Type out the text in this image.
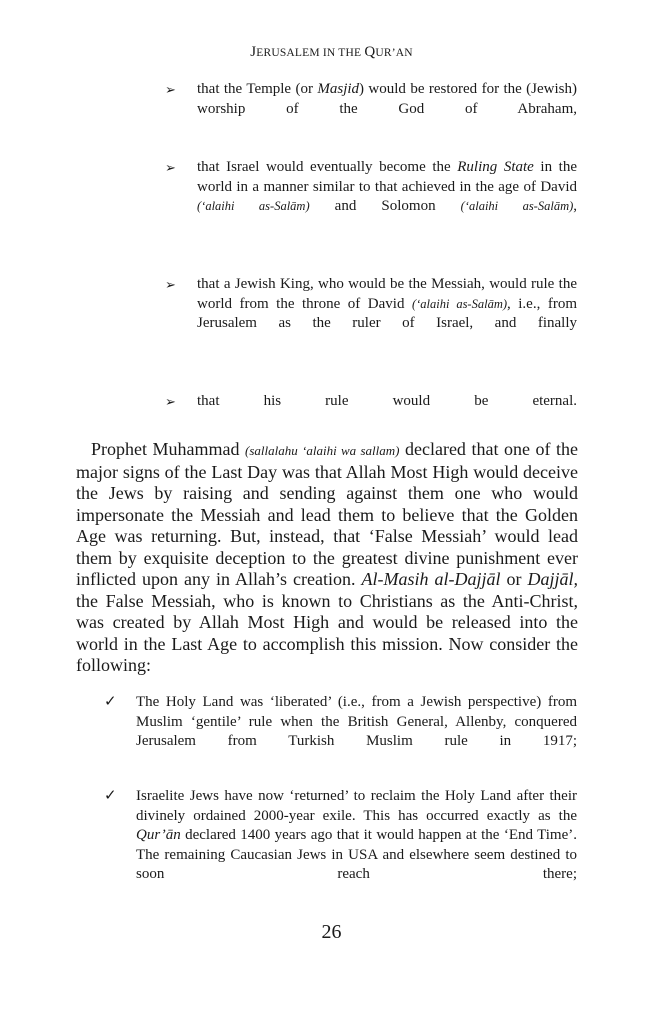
JERUSALEM IN THE QUR’AN
➢	that the Temple (or Masjid) would be restored for the (Jewish) worship of the God of Abraham,
➢	that Israel would eventually become the Ruling State in the world in a manner similar to that achieved in the age of David (‘alaihi as-Salām) and Solomon (‘alaihi as-Salām),
➢	that a Jewish King, who would be the Messiah, would rule the world from the throne of David (‘alaihi as-Salām), i.e., from Jerusalem as the ruler of Israel, and finally
➢	that his rule would be eternal.
Prophet Muhammad (sallalahu ‘alaihi wa sallam) declared that one of the major signs of the Last Day was that Allah Most High would deceive the Jews by raising and sending against them one who would impersonate the Messiah and lead them to believe that the Golden Age was returning. But, instead, that ‘False Messiah’ would lead them by exquisite deception to the greatest divine punishment ever inflicted upon any in Allah’s creation. Al-Masih al-Dajjāl or Dajjāl, the False Messiah, who is known to Christians as the Anti-Christ, was created by Allah Most High and would be released into the world in the Last Age to accomplish this mission. Now consider the following:
✓ The Holy Land was ‘liberated’ (i.e., from a Jewish perspective) from Muslim ‘gentile’ rule when the British General, Allenby, conquered Jerusalem from Turkish Muslim rule in 1917;
✓ Israelite Jews have now ‘returned’ to reclaim the Holy Land after their divinely ordained 2000-year exile. This has occurred exactly as the Qur’ān declared 1400 years ago that it would happen at the ‘End Time’. The remaining Caucasian Jews in USA and elsewhere seem destined to soon reach there;
26
